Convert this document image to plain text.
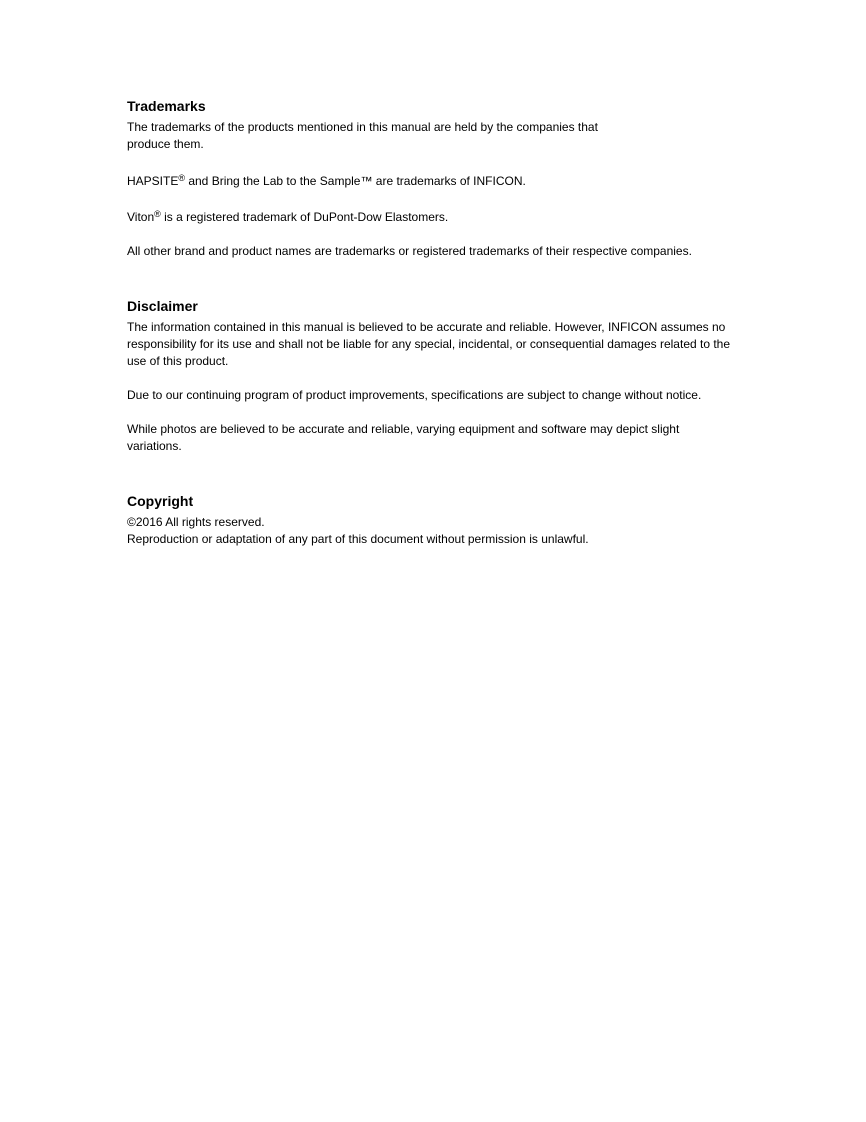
Trademarks

The trademarks of the products mentioned in this manual are held by the companies that produce them.

HAPSITE® and Bring the Lab to the Sample™ are trademarks of INFICON.

Viton® is a registered trademark of DuPont-Dow Elastomers.

All other brand and product names are trademarks or registered trademarks of their respective companies.

Disclaimer

The information contained in this manual is believed to be accurate and reliable. However, INFICON assumes no responsibility for its use and shall not be liable for any special, incidental, or consequential damages related to the use of this product.

Due to our continuing program of product improvements, specifications are subject to change without notice.

While photos are believed to be accurate and reliable, varying equipment and software may depict slight variations.

Copyright

©2016 All rights reserved.

Reproduction or adaptation of any part of this document without permission is unlawful.
